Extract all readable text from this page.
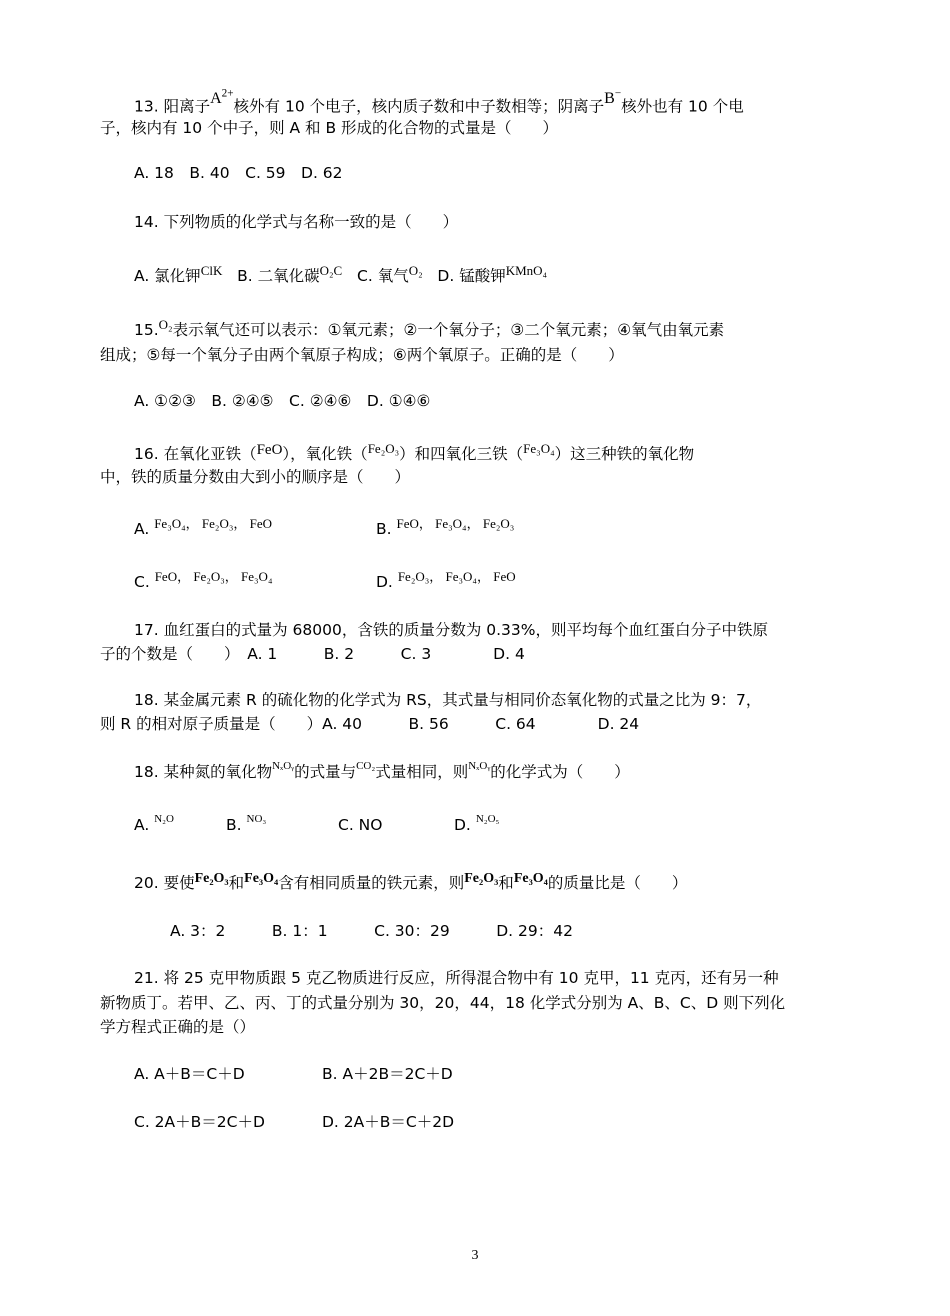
13. 阳离子$A^{2+}$核外有 10 个电子，核内质子数和中子数相等；阴离子B−核外也有 10 个电
子，核内有 10 个中子，则 A 和 B 形成的化合物的式量是（　　）
A. 18　B. 40　C. 59　D. 62
14. 下列物质的化学式与名称一致的是（　　）
A. 氯化钾$^{ClK}$ B. 二氧化碳$^{O_2C}$ C. 氧气$^{O_2}$ D. 锰酸钾$^{KMnO_4}$
15.$^{O_2}$表示氧气还可以表示：①氧元素；②一个氧分子；③二个氧元素；④氧气由氧元素
组成；⑤每一个氧分子由两个氧原子构成；⑥两个氧原子。正确的是（　　）
A. ①②③　B. ②④⑤　C. ②④⑥　D. ①④⑥
16. 在氧化亚铁（FeO），氧化铁（$^{Fe_2O_3}$）和四氧化三铁（$^{Fe_3O_4}$）这三种铁的氧化物
中，铁的质量分数由大到小的顺序是（　　）
A. $^{Fe_3O_4, Fe_2O_3, FeO}$	B. $^{FeO, Fe_3O_4, Fe_2O_3}$
C. $^{FeO, Fe_2O_3, Fe_3O_4}$	D. $^{Fe_2O_3, Fe_3O_4, FeO}$
17. 血红蛋白的式量为 68000，含铁的质量分数为 0.33%，则平均每个血红蛋白分子中铁原
子的个数是（　　）　A. 1　　　B. 2　　　C. 3　　　　D. 4
18. 某金属元素 R 的硫化物的化学式为 RS，其式量与相同价态氧化物的式量之比为 9：7，
则 R 的相对原子质量是（　　）A. 40　　　B. 56　　　C. 64　　　　D. 24
18. 某种氮的氧化物$^{N_xOᵧ}$的式量与$^{CO_2}$式量相同，则$^{N_xOᵧ}$的化学式为（　　）
A. $^{N_2O}$	B. $^{NO_3}$	C. NO	D. $^{N_2O_5}$
20. 要使Fe₂O₃和Fe₃O₄含有相同质量的铁元素，则Fe₂O₃和Fe₃O₄的质量比是（　　）
A. 3：2　　　B. 1：1　　　C. 30：29　　　D. 29：42
21. 将 25 克甲物质跟 5 克乙物质进行反应，所得混合物中有 10 克甲，11 克丙，还有另一种
新物质丁。若甲、乙、丙、丁的式量分别为 30，20，44，18 化学式分别为 A、B、C、D 则下列化
学方程式正确的是（）
A. A＋B＝C＋D	B. A＋2B＝2C＋D
C. 2A＋B＝2C＋D	D. 2A＋B＝C＋2D
3
